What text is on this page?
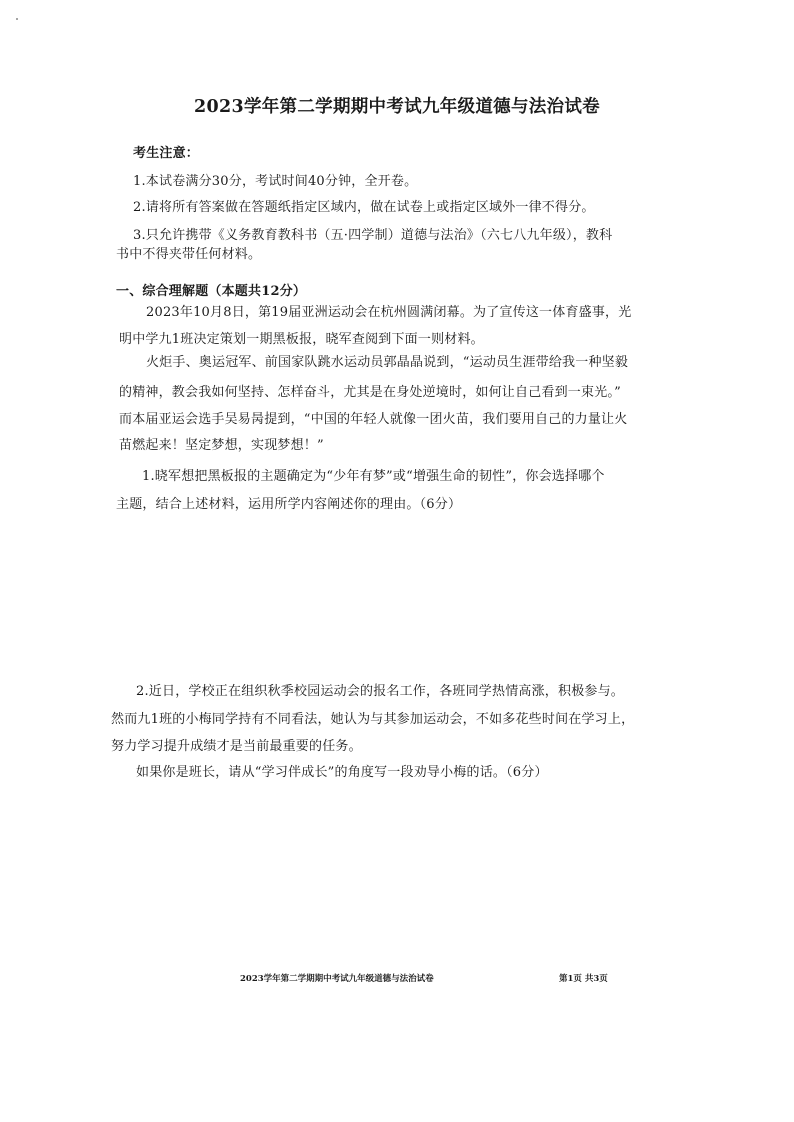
2023学年第二学期期中考试九年级道德与法治试卷
考生注意：
1.本试卷满分30分，考试时间40分钟，全开卷。
2.请将所有答案做在答题纸指定区域内，做在试卷上或指定区域外一律不得分。
3.只允许携带《义务教育教科书（五·四学制）道德与法治》（六七八九年级），教科
书中不得夹带任何材料。
一、综合理解题（本题共12分）
2023年10月8日，第19届亚洲运动会在杭州圆满闭幕。为了宣传这一体育盛事，光
明中学九1班决定策划一期黑板报，晓军查阅到下面一则材料。
火炬手、奥运冠军、前国家队跳水运动员郭晶晶说到，“运动员生涯带给我一种坚毅
的精神，教会我如何坚持、怎样奋斗，尤其是在身处逆境时，如何让自己看到一束光。”
而本届亚运会选手吴易昺提到，“中国的年轻人就像一团火苗，我们要用自己的力量让火
苗燃起来！坚定梦想，实现梦想！”
1.晓军想把黑板报的主题确定为“少年有梦”或“增强生命的韧性”，你会选择哪个
主题，结合上述材料，运用所学内容阐述你的理由。（6分）
2.近日，学校正在组织秋季校园运动会的报名工作，各班同学热情高涨，积极参与。
然而九1班的小梅同学持有不同看法，她认为与其参加运动会，不如多花些时间在学习上，
努力学习提升成绩才是当前最重要的任务。
如果你是班长，请从“学习伴成长”的角度写一段劝导小梅的话。（6分）
2023学年第二学期期中考试九年级道德与法治试卷	第1页 共3页
